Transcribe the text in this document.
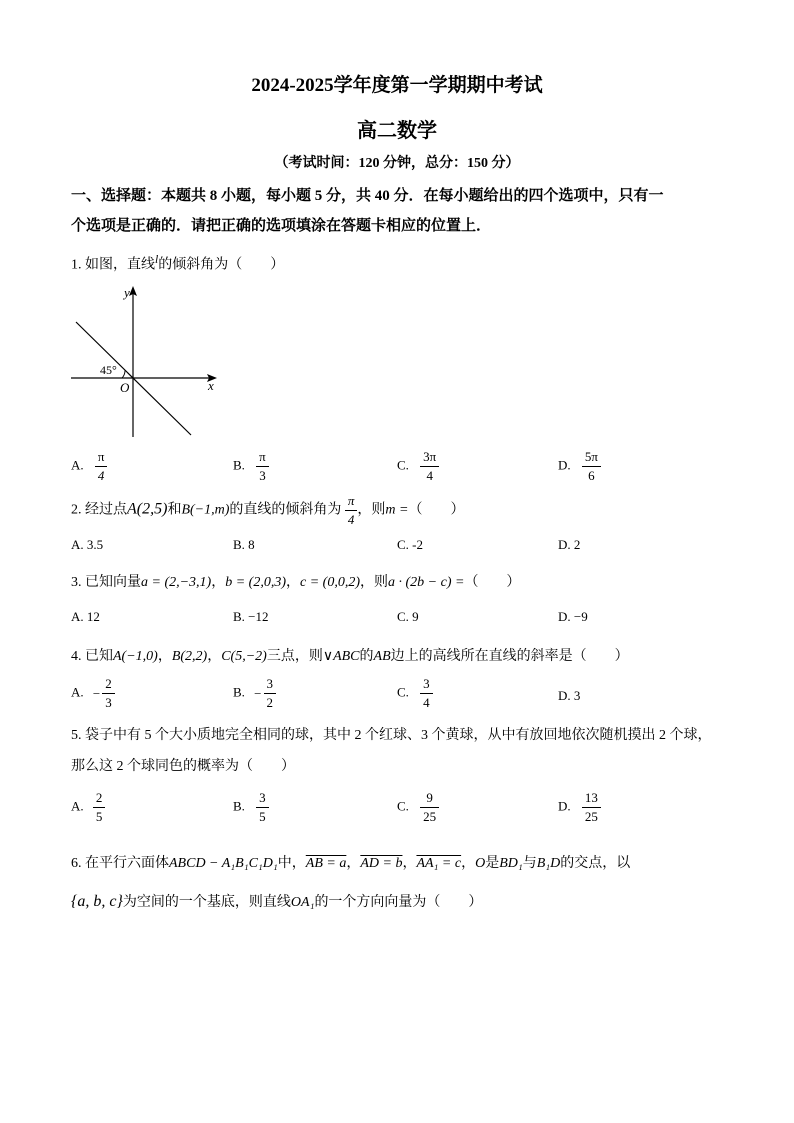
2024-2025学年度第一学期期中考试
高二数学
（考试时间：120 分钟，总分：150 分）
一、选择题：本题共 8 小题，每小题 5 分，共 40 分．在每小题给出的四个选项中，只有一
个选项是正确的．请把正确的选项填涂在答题卡相应的位置上．
1. 如图，直线$^l$的倾斜角为（　　）
y
x
O
45°
A. $\frac{\pi}{4}$	B. $\frac{\pi}{3}$	C. $\frac{3\pi}{4}$	D. $\frac{5\pi}{6}$
2. 经过点A(2,5)和B(−1,m)的直线的倾斜角为 $\frac{\pi}{4}$ ，则m =（　　）
A. 3.5	B. 8	C. -2	D. 2
3. 已知向量a = (2,−3,1)，b = (2,0,3)，c = (0,0,2)，则a · (2b − c) =（　　）
A. 12	B. −12	C. 9	D. −9
4. 已知A(−1,0)，B(2,2)，C(5,−2)三点，则∨ABC的AB边上的高线所在直线的斜率是（　　）
A. − $\frac{2}{3}$	B. − $\frac{3}{2}$	C. $\frac{3}{4}$	D. 3
5. 袋子中有 5 个大小质地完全相同的球，其中 2 个红球、3 个黄球，从中有放回地依次随机摸出 2 个球，
那么这 2 个球同色的概率为（　　）
A. $\frac{2}{5}$	B. $\frac{3}{5}$	C. $\frac{9}{25}$	D. $\frac{13}{25}$
6. 在平行六面体ABCD − A₁B₁C₁D₁中，AB = a，AD = b，AA₁ = c，O是BD₁与B₁D的交点，以
{a, b, c}为空间的一个基底，则直线OA₁的一个方向向量为（　　）
